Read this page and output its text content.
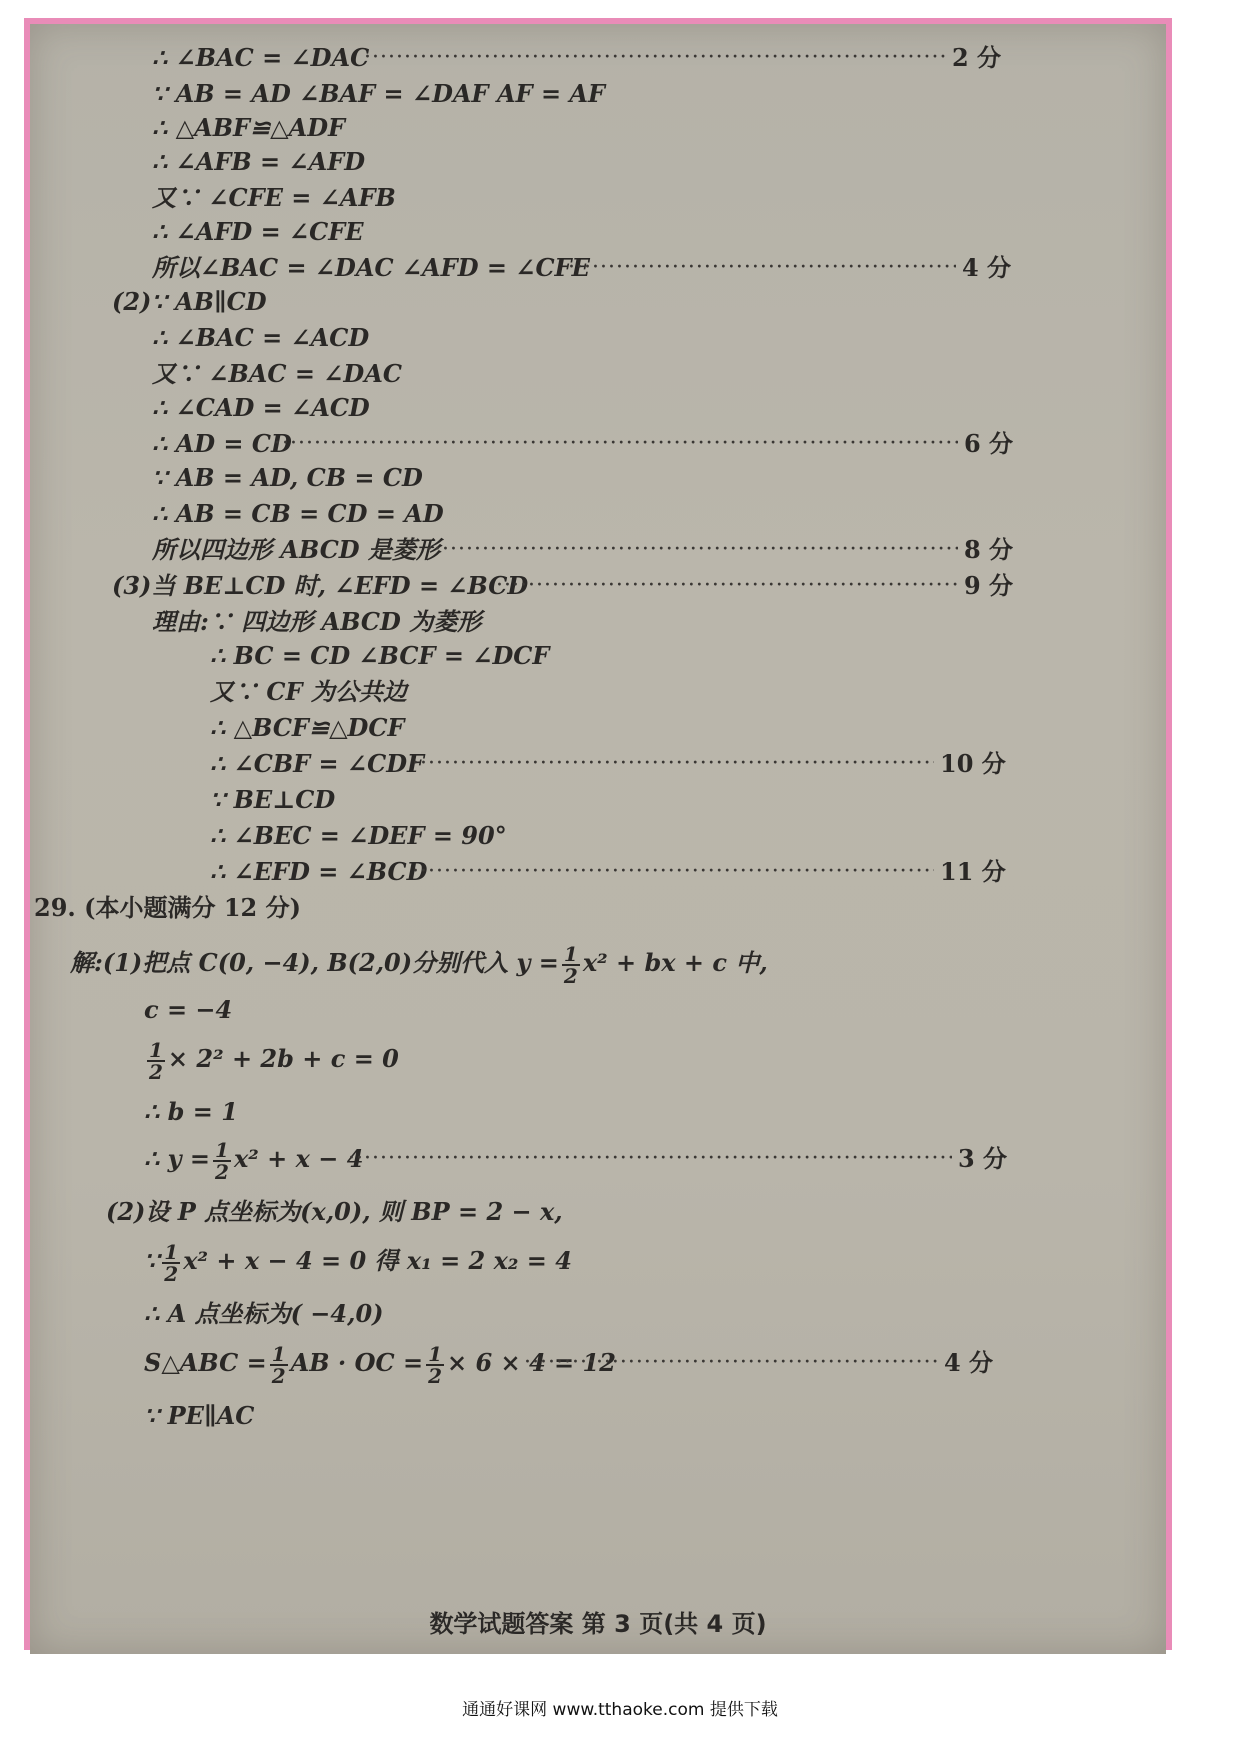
∴ ∠BAC = ∠DAC ·····	2 分
∵ AB = AD ∠BAF = ∠DAF AF = AF
∴ △ABF≌△ADF
∴ ∠AFB = ∠AFD
又∵ ∠CFE = ∠AFB
∴ ∠AFD = ∠CFE
所以∠BAC = ∠DAC ∠AFD = ∠CFE ·····	4 分
(2)∵ AB∥CD
∴ ∠BAC = ∠ACD
又∵ ∠BAC = ∠DAC
∴ ∠CAD = ∠ACD
∴ AD = CD ·····	6 分
∵ AB = AD, CB = CD
∴ AB = CB = CD = AD
所以四边形 ABCD 是菱形 ·····	8 分
(3)当 BE⊥CD 时, ∠EFD = ∠BCD ·····	9 分
理由:∵ 四边形 ABCD 为菱形
∴ BC = CD ∠BCF = ∠DCF
又∵ CF 为公共边
∴ △BCF≌△DCF
∴ ∠CBF = ∠CDF ·····	10 分
∵ BE⊥CD
∴ ∠BEC = ∠DEF = 90°
∴ ∠EFD = ∠BCD ·····	11 分
29. (本小题满分 12 分)
解:(1)把点 C(0, −4), B(2,0)分别代入 $y = \frac{1}{2} x^2$ + bx + c 中,
c = −4
$\frac{1}{2} \times 2^2 + 2b + c = 0$
∴ b = 1
∴ $y = \frac{1}{2} x^2 + x - 4$ ·····	3 分
(2)设 P 点坐标为(x,0), 则 BP = 2 − x,
∵ $\frac{1}{2} x^2 + x - 4 = 0$ 得 x₁ = 2 x₂ = 4
∴ A 点坐标为( −4,0)
S△ABC = $\frac{1}{2}$ AB · OC = $\frac{1}{2} \times 6 \times 4 = 12$ ·····	4 分
∵ PE∥AC
数学试题答案 第 3 页(共 4 页)
通通好课网 www.tthaoke.com 提供下载
